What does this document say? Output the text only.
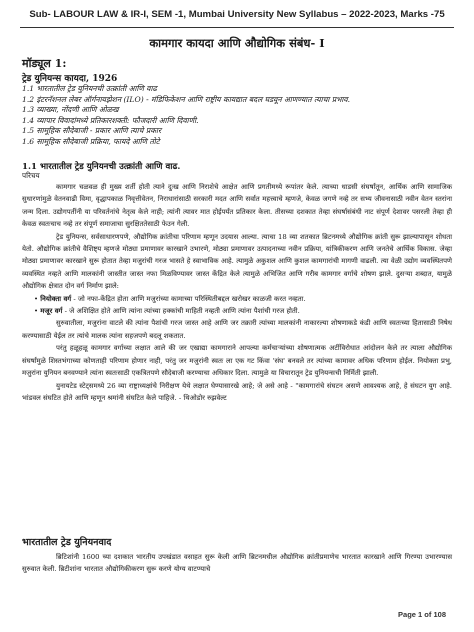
Sub- LABOUR LAW & IR-I, SEM -1, Mumbai University New Syllabus – 2022-2023, Marks -75
कामगार कायदा आणि औद्योगिक संबंध- I
मॉड्यूल 1:
ट्रेड युनियन्स कायदा, 1926
1.1 भारतातील ट्रेड युनियनची उत्क्रांती आणि वाढ
1.2 इंटरनॅशनल लेबर ऑर्गनायझेशन (ILO) - मंडिफिकेशन आणि राष्ट्रीय कायद्यात बदल घडवून आणण्यात त्याचा प्रभाव.
1.3 व्याख्या, नोंदणी आणि ओळख
1.4 व्यापार विवादांमध्ये प्रतिकारशक्ती: फौजदारी आणि दिवाणी.
1.5 सामूहिक सौदेबाजी - प्रकार आणि त्याचे प्रकार
1.6 सामूहिक सौदेबाजी प्रक्रिया, फायदे आणि तोटे
1.1 भारतातील ट्रेड युनियनची उत्क्रांती आणि वाढ.
परिचय

कामगार चळवळ ही मुख्य शर्ती होती त्याने दुःख आणि निराशेचे आक्षेत आणि प्रगतीमध्ये रूपांतर केले. त्याच्या धाडसी संघर्षांतून, आर्थिक आणि सामाजिक सुधारणांमुळे वेतनवाढी विमा, वृद्धापकाळ निवृत्तीवेतन, निराधारांसाठी सरकारी मदत आणि सर्वात महत्त्वाचे म्हणजे, केवळ जगणे नव्हे तर सभ्य जीवनासाठी नवीन वेतन स्तरांना जन्म दिला. उद्योगपतींनी या परिवर्तनांचे नेतृत्व केले नाही; त्यांनी त्यावर मात होईपर्यंत प्रतिकार केला. तीसच्या दशकात तेव्हा संघर्षासंबंधी नाट संपूर्ण देशावर पसरली तेव्हा ही केवळ स्वतःचाच नव्हे तर संपूर्ण समाजाचा सुरक्षिततेसाठी फेउन गेली.

ट्रेड युनियन्स, सर्वसाधारणपणे, औद्योगिक क्रांतीचा परिणाम म्हणून उदयास आल्या. त्याचा 18 व्या शतकात ब्रिटनमध्ये औद्योगिक क्रांती सुरू झाल्यापासून शोधता येतो. औद्योगिक क्रांतीचे वैशिष्ट्य म्हणजे मोठ्या प्रमाणावर कारखाने उभारणे, मोठ्या प्रमाणावर उत्पादनाच्या नवीन प्रक्रिया, यांत्रिकीकरण आणि जनतेचे आर्थिक विकास. जेव्हा मोठ्या प्रमाणावर कारखाने सुरू होतात तेव्हा मजुरांची गरज भासते हे स्वाभाविक आहे. त्यामुळे अकुशल आणि कुशल कामगारांची मागणी वाढली. त्या वेळी उद्योग व्यवस्थितपणे व्यवस्थित नव्हते आणि मालकांनी जास्तीत जास्त नफा मिळविण्यावर जास्त केंद्रित केले त्यामुळे अभिजित आणि गरीब कामगार वर्गाचे शोषण झाले. दुसऱ्या शब्दात, यामुळे औद्योगिक क्षेत्रात दोन वर्ग निर्माण झाले:

• नियोक्ता वर्ग - जो नफा-केंद्रित होता आणि मजुरांच्या कामाच्या परिस्थितीबद्दल खरोखर काळजी करत नव्हता.

• मजूर वर्ग - जे अशिक्षित होते आणि त्यांना त्यांच्या हक्कांची माहिती नव्हती आणि त्यांना पैशांची गरज होती.

सुरुवातीला, मजुरांना वाटले की त्यांना पैशांची गरज जास्त आहे आणि जर तक्रारी त्यांच्या मालकांनी नाकारल्या शोषणाकडे कंडी आणि स्वतःच्या हितासाठी निषेध करण्यासाठी येईल तर त्यांचे मालक त्यांना सहजपणे बदलू शकतात.

परंतु हळूहळू कामगार वर्गाच्या लक्षात आले की जर एखाद्या कामगाराने आपल्या कर्मचाऱ्यांच्या शोषणात्मक अटींविरोधात आंदोलन केले तर त्याला औद्योगिक संघर्षांमुळे शिस्तभंगाच्या कोणताही परिणाम होणार नाही, परंतु जर मजुरांनी स्वतः ला एक गट किंवा 'संघ' बनवले तर त्यांच्या कामावर अधिक परिणाम होईल. नियोक्ता प्रभु, मजुरांना युनियन बनवण्याने त्यांना स्वतःसाठी एकत्रितपणे सौदेबाजी करण्याचा अधिकार दिला. त्यामुळे या विचारातून ट्रेड युनियन्सची निर्मिती झाली.

युनायटेड स्टेट्समध्ये 26 व्या राष्ट्राध्यक्षांचे निरीक्षण येथे लक्षात घेण्यासारखे आहे; जे असे आहे - "कामगारांचे संघटन असणे आवश्यक आहे, हे संघटन युग आहे. भांडवल संघटित होते आणि म्हणून श्रमांनी संघटित केले पाहिजे. - थिओडोर रुझवेल्ट

भारतातील ट्रेड युनियनवाद

ब्रिटिशांनी 1600 च्या दशकात भारतीय उपखंडात वसाहत सुरू केली आणि ब्रिटनमधील औद्योगिक क्रांतीप्रमाणेच भारतात कारखाने आणि गिरण्या उभारण्यास सुरुवात केली. ब्रिटीशांना भारतात औद्योगिकीकरण सुरू करणे योग्य वाटण्याचे

Page 1 of 108
